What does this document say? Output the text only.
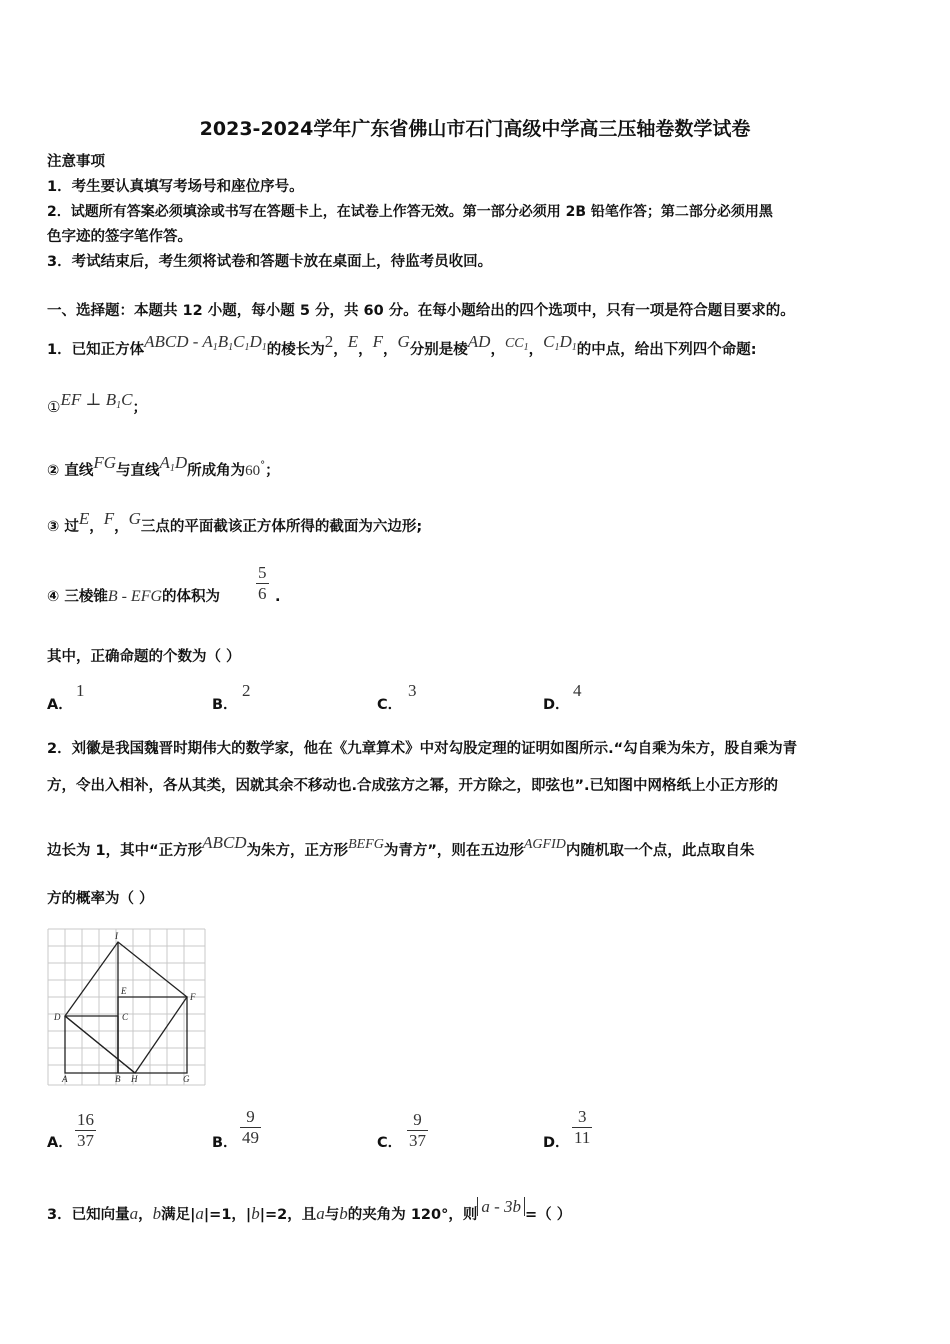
2023-2024学年广东省佛山市石门高级中学高三压轴卷数学试卷
注意事项
1．考生要认真填写考场号和座位序号。
2．试题所有答案必须填涂或书写在答题卡上，在试卷上作答无效。第一部分必须用 2B 铅笔作答；第二部分必须用黑
色字迹的签字笔作答。
3．考试结束后，考生须将试卷和答题卡放在桌面上，待监考员收回。
一、选择题：本题共 12 小题，每小题 5 分，共 60 分。在每小题给出的四个选项中，只有一项是符合题目要求的。
1．已知正方体ABCD - $A_1B_1C_1D_1$的棱长为2，E，F，G分别是棱AD，$CC_1$，$C_1D_1$的中点，给出下列四个命题:
①EF ⊥ $B_1C$；
② 直线FG与直线$A_1D$所成角为60°；
③ 过E，F，G三点的平面截该正方体所得的截面为六边形;
④ 三棱锥B - EFG的体积为 $\frac{5}{6}$ .
其中，正确命题的个数为（ ）
A．
1
B．
2
C．
3
D．
4
2．刘徽是我国魏晋时期伟大的数学家，他在《九章算术》中对勾股定理的证明如图所示.“勾自乘为朱方，股自乘为青
方，令出入相补，各从其类，因就其余不移动也.合成弦方之幂，开方除之，即弦也”.已知图中网格纸上小正方形的
边长为 1，其中“正方形ABCD为朱方，正方形BEFG为青方”，则在五边形AGFID内随机取一个点，此点取自朱
方的概率为（ ）
I
E
F
D	C
A	B H	G
A． $\frac{16}{37}$	B． $\frac{9}{49}$	C． $\frac{9}{37}$	D． $\frac{3}{11}$
3．已知向量a，b满足|a|=1，|b|=2，且a与b的夹角为 120°，则 a - 3b =（ ）
